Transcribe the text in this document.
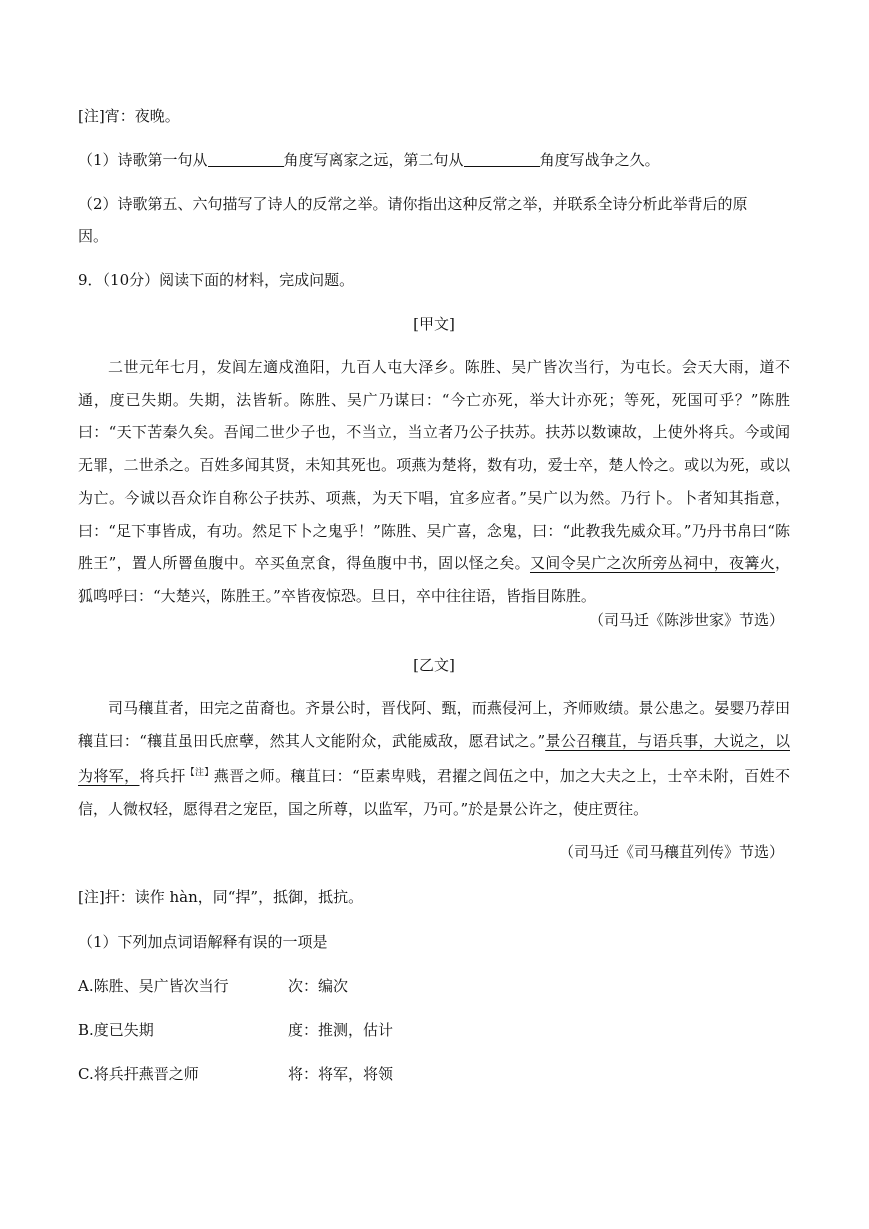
[注]宵：夜晚。
（1）诗歌第一句从	角度写离家之远，第二句从	角度写战争之久。
（2）诗歌第五、六句描写了诗人的反常之举。请你指出这种反常之举，并联系全诗分析此举背后的原
因。
9．（10分）阅读下面的材料，完成问题。
[甲文]

二世元年七月，发闾左適戍渔阳，九百人屯大泽乡。陈胜、吴广皆次当行，为屯长。会天大雨，道不通，度已失期。失期，法皆斩。陈胜、吴广乃谋曰：“今亡亦死，举大计亦死；等死，死国可乎？”陈胜曰：“天下苦秦久矣。吾闻二世少子也，不当立，当立者乃公子扶苏。扶苏以数谏故，上使外将兵。今或闻无罪，二世杀之。百姓多闻其贤，未知其死也。项燕为楚将，数有功，爱士卒，楚人怜之。或以为死，或以为亡。今诚以吾众诈自称公子扶苏、项燕，为天下唱，宜多应者。”吴广以为然。乃行卜。卜者知其指意，曰：“足下事皆成，有功。然足下卜之鬼乎！”陈胜、吴广喜，念鬼，曰：“此教我先威众耳。”乃丹书帛曰“陈胜王”，置人所罾鱼腹中。卒买鱼烹食，得鱼腹中书，固以怪之矣。又间令吴广之次所旁丛祠中，夜篝火，狐鸣呼曰：“大楚兴，陈胜王。”卒皆夜惊恐。旦日，卒中往往语，皆指目陈胜。

（司马迁《陈涉世家》节选）
[乙文]

司马穰苴者，田完之苗裔也。齐景公时，晋伐阿、甄，而燕侵河上，齐师败绩。景公患之。晏婴乃荐田穰苴曰：“穰苴虽田氏庶孽，然其人文能附众，武能威敌，愿君试之。”景公召穰苴，与语兵事，大说之，以为将军，将兵扞$^{【注】}$燕晋之师。穰苴曰：“臣素卑贱，君擢之闾伍之中，加之大夫之上，士卒未附，百姓不信，人微权轻，愿得君之宠臣，国之所尊，以监军，乃可。”於是景公许之，使庄贾往。

（司马迁《司马穰苴列传》节选）
[注]扞：读作 hàn，同“捍”，抵御，抵抗。
（1）下列加点词语解释有误的一项是
A.陈胜、吴广皆次当行	次：编次
B.度已失期	度：推测，估计
C.将兵扞燕晋之师	将：将军，将领
